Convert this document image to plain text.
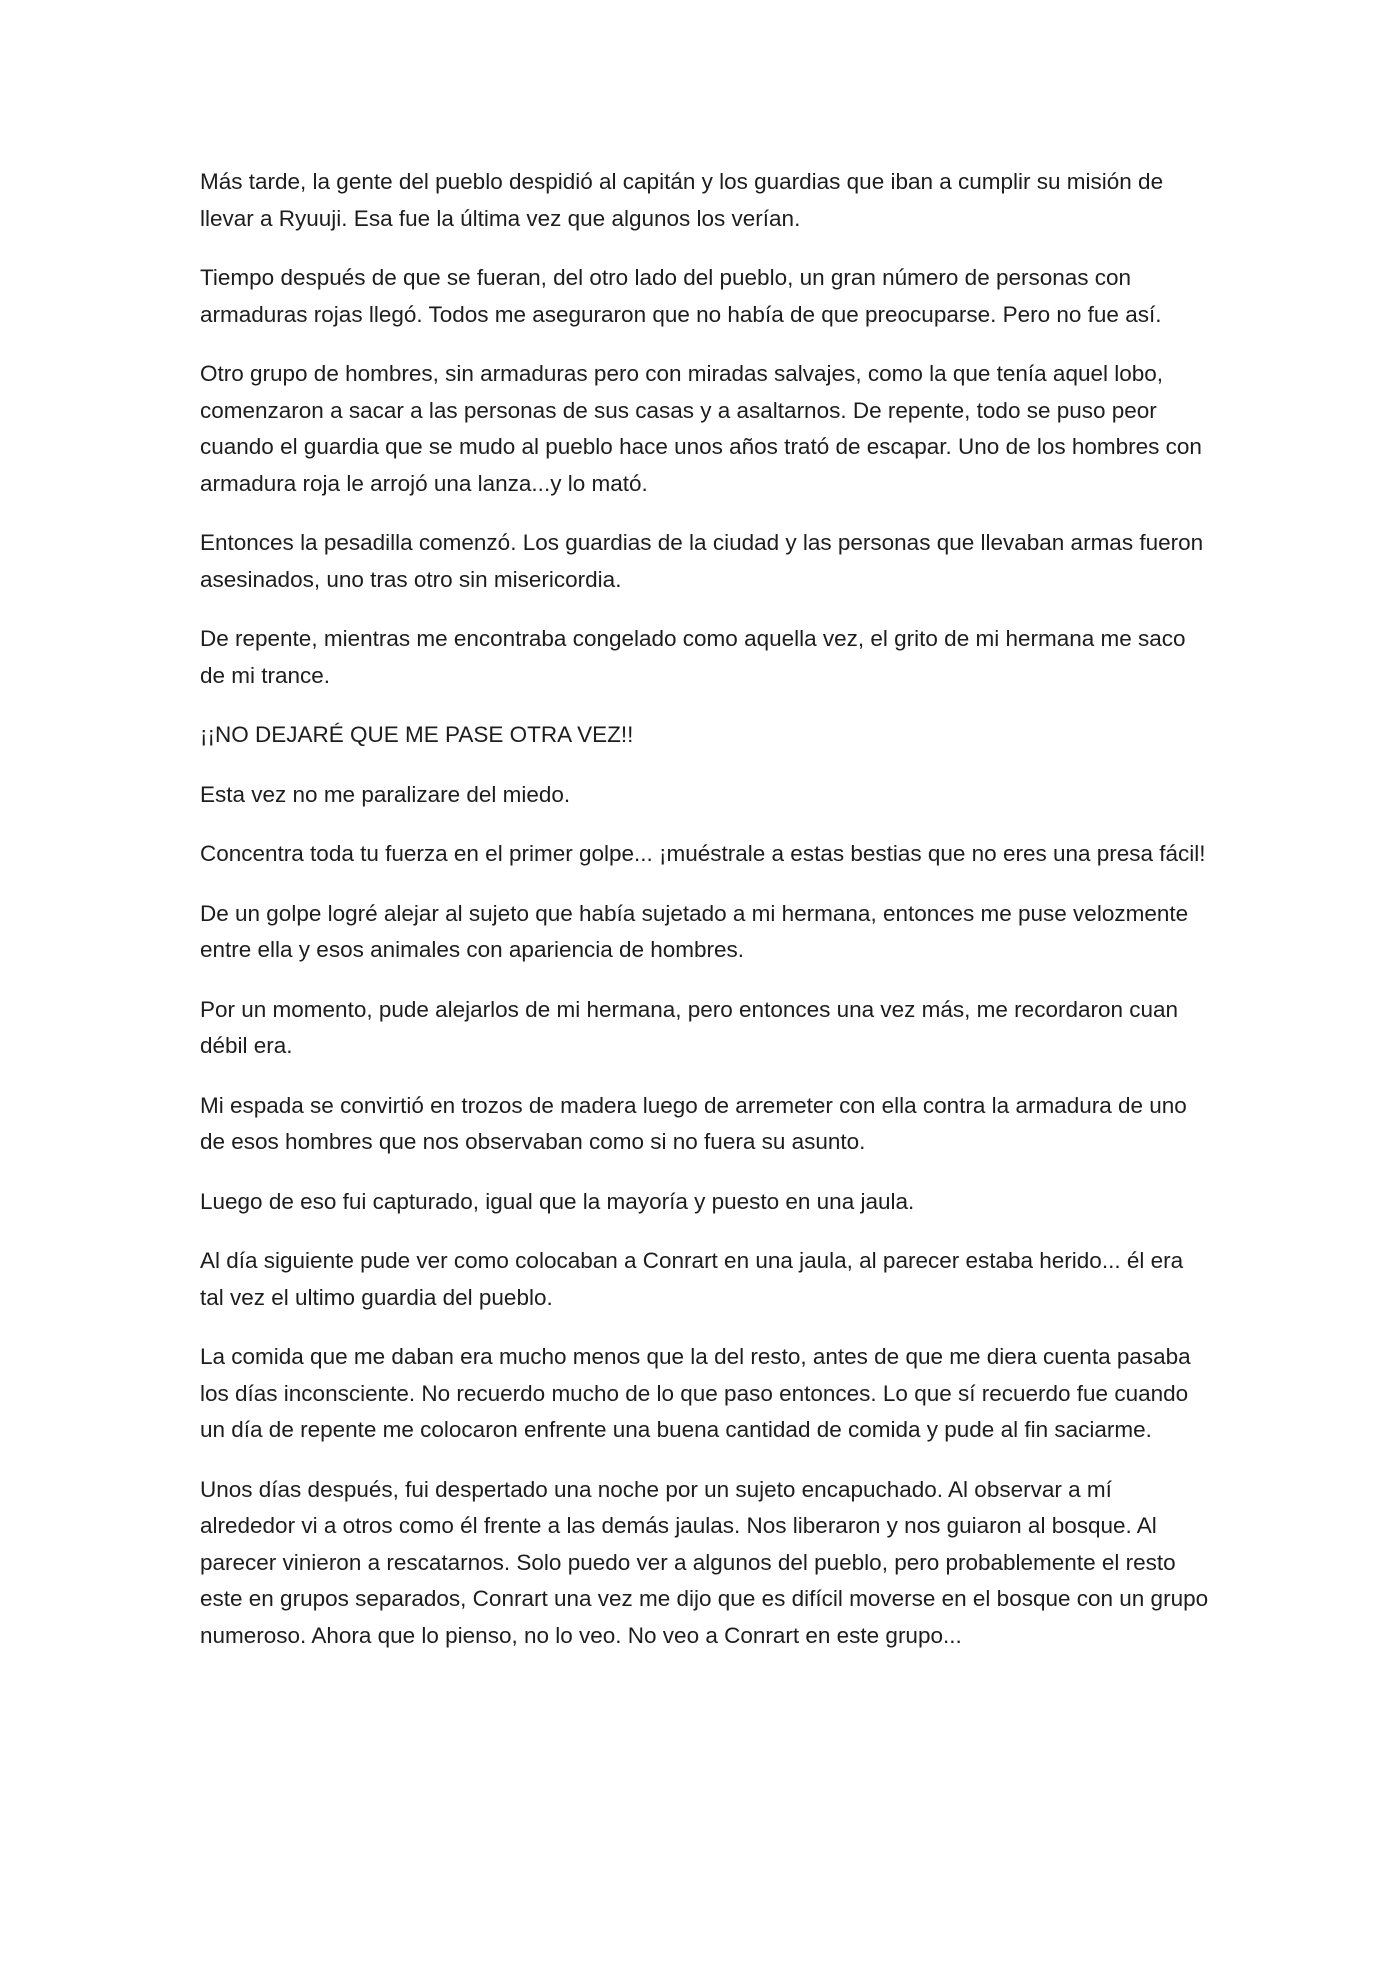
Más tarde, la gente del pueblo despidió al capitán y los guardias que iban a cumplir su misión de llevar a Ryuuji. Esa fue la última vez que algunos los verían.

Tiempo después de que se fueran, del otro lado del pueblo, un gran número de personas con armaduras rojas llegó. Todos me aseguraron que no había de que preocuparse. Pero no fue así.

Otro grupo de hombres, sin armaduras pero con miradas salvajes, como la que tenía aquel lobo, comenzaron a sacar a las personas de sus casas y a asaltarnos. De repente, todo se puso peor cuando el guardia que se mudo al pueblo hace unos años trató de escapar. Uno de los hombres con armadura roja le arrojó una lanza...y lo mató.

Entonces la pesadilla comenzó. Los guardias de la ciudad y las personas que llevaban armas fueron asesinados, uno tras otro sin misericordia.

De repente, mientras me encontraba congelado como aquella vez, el grito de mi hermana me saco de mi trance.

¡¡NO DEJARÉ QUE ME PASE OTRA VEZ!!

Esta vez no me paralizare del miedo.

Concentra toda tu fuerza en el primer golpe... ¡muéstrale a estas bestias que no eres una presa fácil!

De un golpe logré alejar al sujeto que había sujetado a mi hermana, entonces me puse velozmente entre ella y esos animales con apariencia de hombres.

Por un momento, pude alejarlos de mi hermana, pero entonces una vez más, me recordaron cuan débil era.

Mi espada se convirtió en trozos de madera luego de arremeter con ella contra la armadura de uno de esos hombres que nos observaban como si no fuera su asunto.

Luego de eso fui capturado, igual que la mayoría y puesto en una jaula.

Al día siguiente pude ver como colocaban a Conrart en una jaula, al parecer estaba herido... él era tal vez el ultimo guardia del pueblo.

La comida que me daban era mucho menos que la del resto, antes de que me diera cuenta pasaba los días inconsciente. No recuerdo mucho de lo que paso entonces. Lo que sí recuerdo fue cuando un día de repente me colocaron enfrente una buena cantidad de comida y pude al fin saciarme.

Unos días después, fui despertado una noche por un sujeto encapuchado. Al observar a mí alrededor vi a otros como él frente a las demás jaulas. Nos liberaron y nos guiaron al bosque. Al parecer vinieron a rescatarnos. Solo puedo ver a algunos del pueblo, pero probablemente el resto este en grupos separados, Conrart una vez me dijo que es difícil moverse en el bosque con un grupo numeroso. Ahora que lo pienso, no lo veo. No veo a Conrart en este grupo...
